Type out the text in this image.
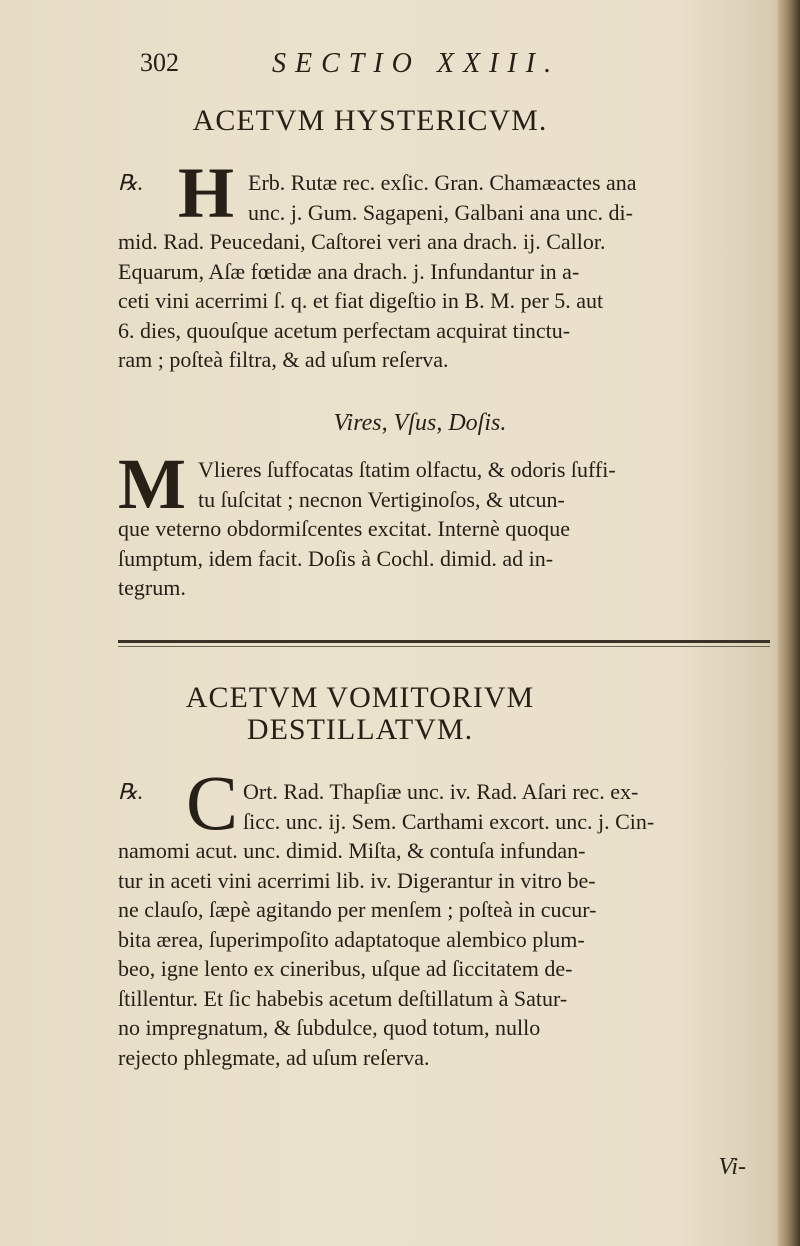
302	SECTIO XXIII.
ACETVM HYSTERICVM.
H
℞.	Erb. Rutæ rec. exſic. Gran. Chamæactes ana
unc. j. Gum. Sagapeni, Galbani ana unc. di-
mid. Rad. Peucedani, Caſtorei veri ana drach. ij. Callor.
Equarum, Aſæ fœtidæ ana drach. j. Infundantur in a-
ceti vini acerrimi ſ. q. et fiat digeſtio in B. M. per 5. aut
6. dies, quouſque acetum perfectam acquirat tinctu-
ram ; poſteà filtra, & ad uſum reſerva.
Vires, Vſus, Doſis.
M Vlieres ſuffocatas ſtatim olfactu, & odoris ſuffi-
tu ſuſcitat ; necnon Vertiginoſos, & utcun-
que veterno obdormiſcentes excitat. Internè quoque
ſumptum, idem facit. Doſis à Cochl. dimid. ad in-
tegrum.
ACETVM VOMITORIVM
DESTILLATVM.
C
℞.	Ort. Rad. Thapſiæ unc. iv. Rad. Aſari rec. ex-
ſicc. unc. ij. Sem. Carthami excort. unc. j. Cin-
namomi acut. unc. dimid. Miſta, & contuſa infundan-
tur in aceti vini acerrimi lib. iv. Digerantur in vitro be-
ne clauſo, ſæpè agitando per menſem ; poſteà in cucur-
bita ærea, ſuperimpoſito adaptatoque alembico plum-
beo, igne lento ex cineribus, uſque ad ſiccitatem de-
ſtillentur. Et ſic habebis acetum deſtillatum à Satur-
no impregnatum, & ſubdulce, quod totum, nullo
rejecto phlegmate, ad uſum reſerva.
Vi-
